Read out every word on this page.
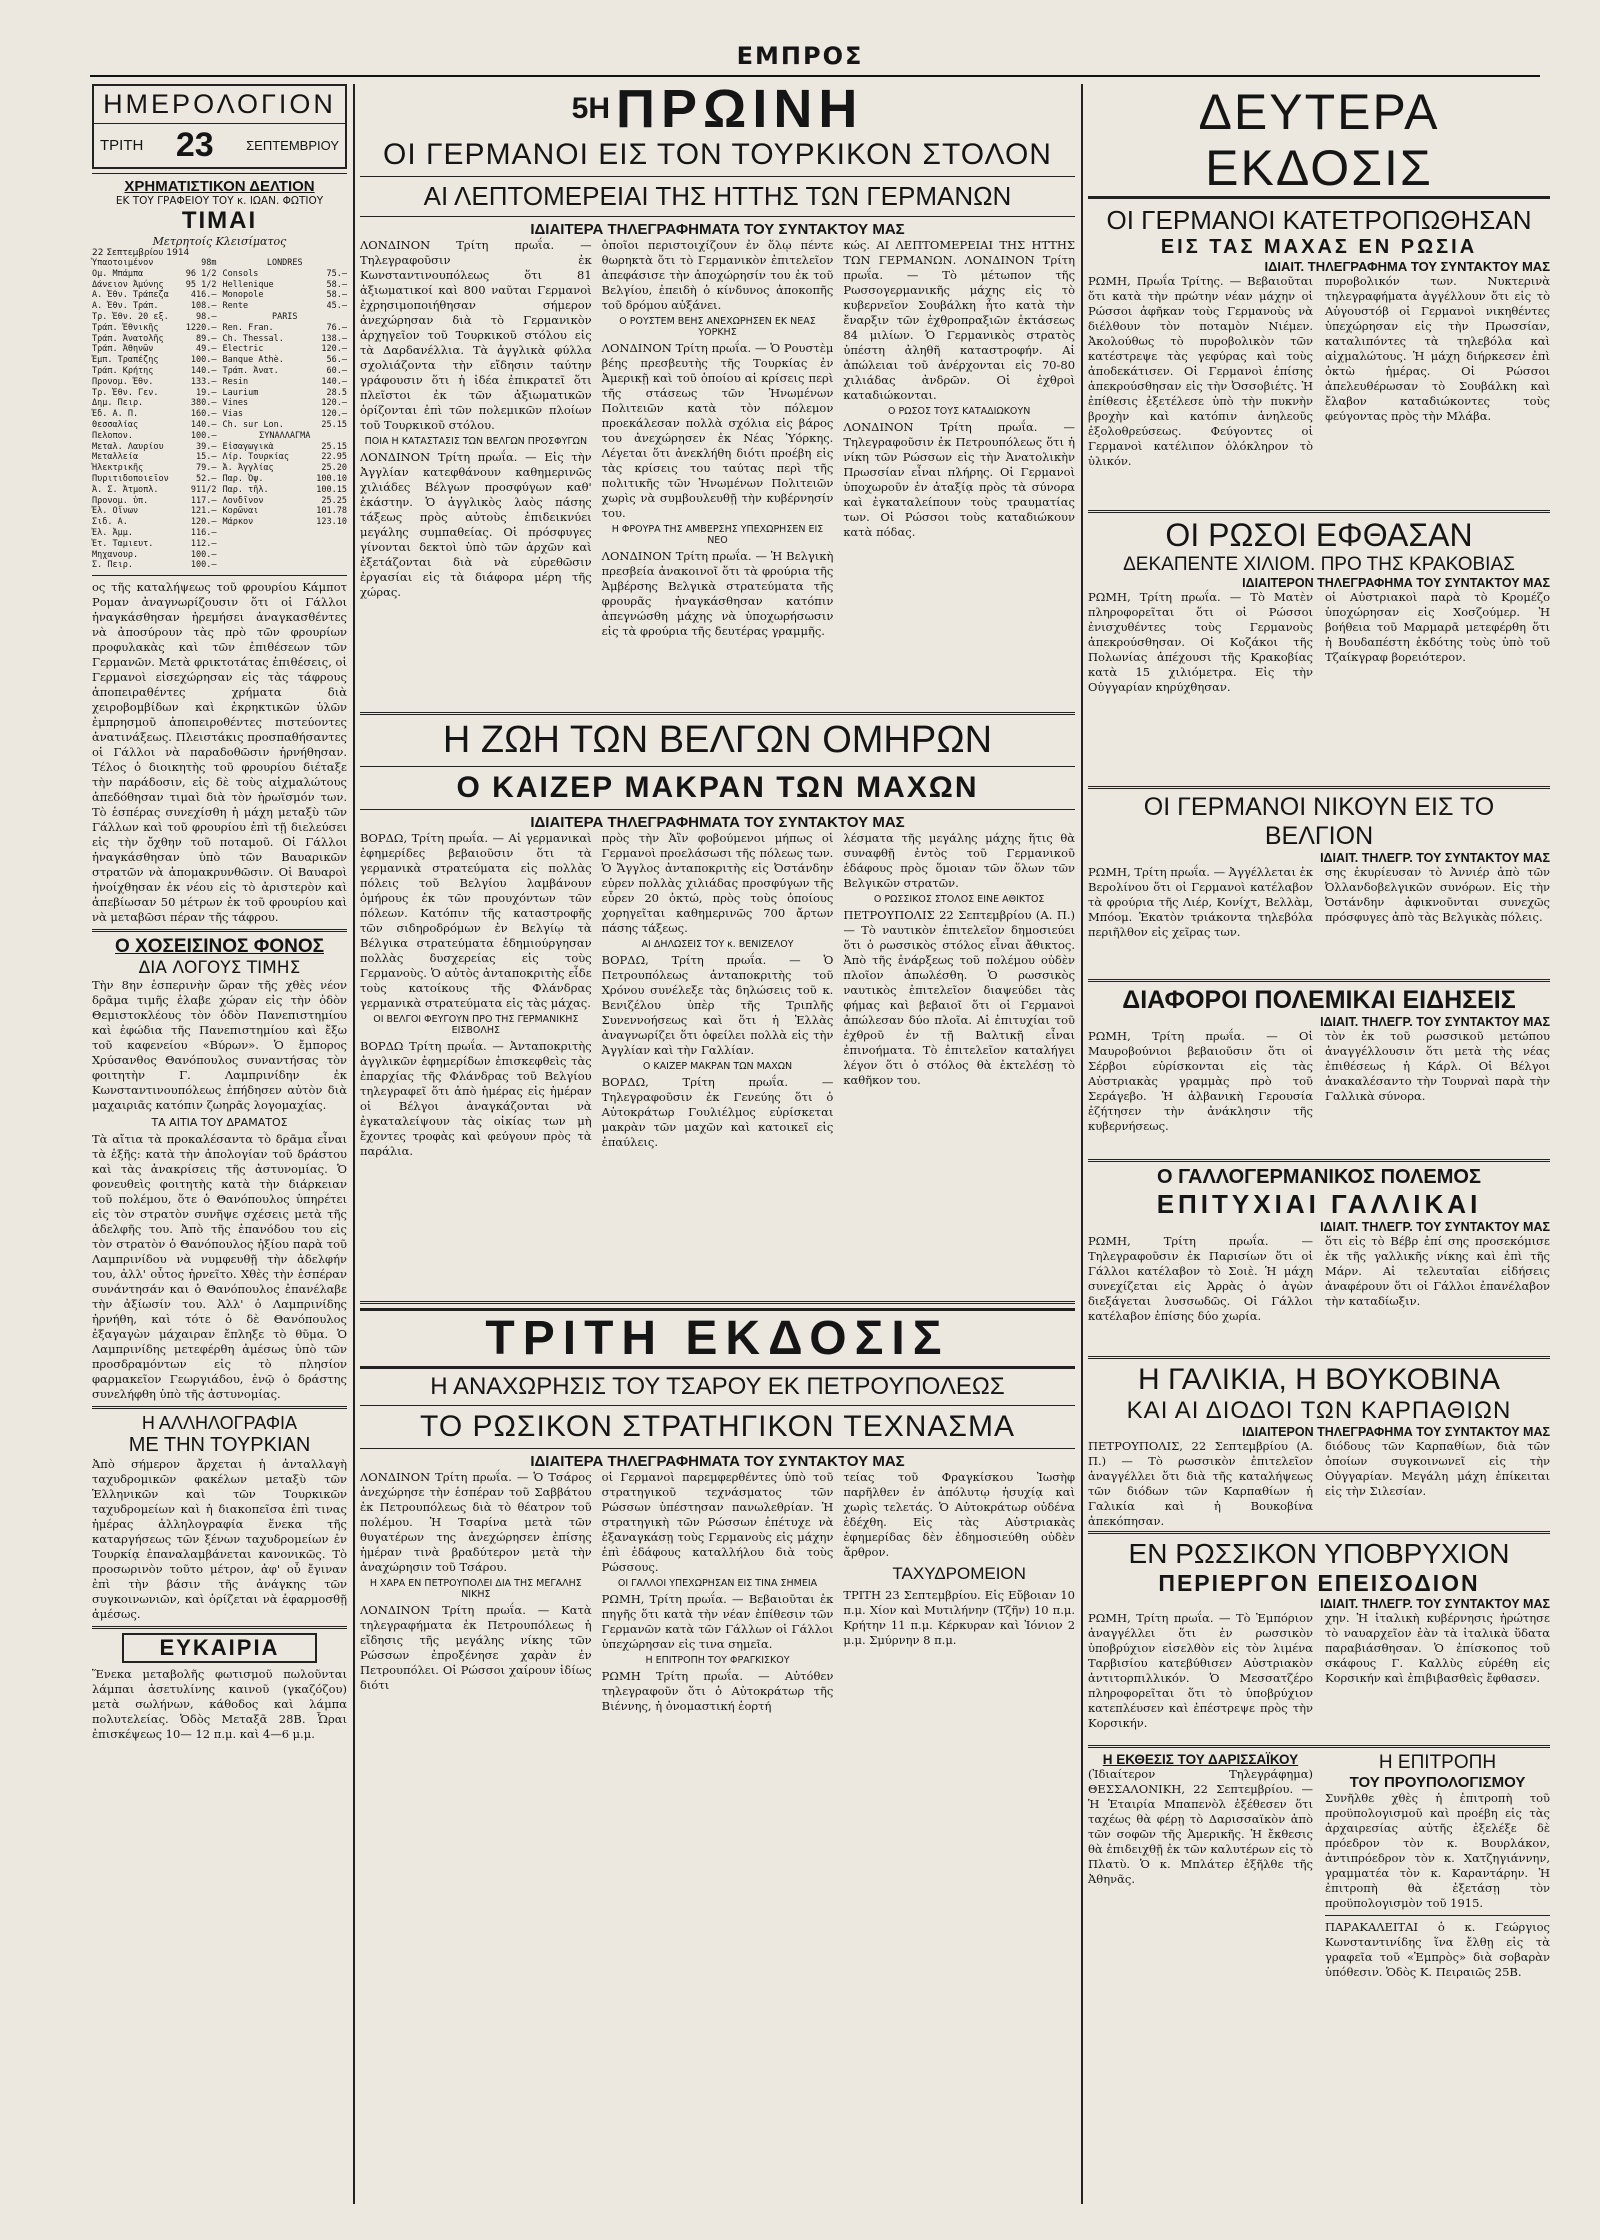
ΕΜΠΡΟΣ
ΗΜΕΡΟΛΟΓΙΟΝ
ΤΡΙΤΗ 23 ΣΕΠΤΕΜΒΡΙΟΥ
ΧΡΗΜΑΤΙΣΤΙΚΟΝ ΔΕΛΤΙΟΝ
ΕΚ ΤΟΥ ΓΡΑΦΕΙΟΥ ΤΟΥ κ. ΙΩΑΝ. ΦΩΤΙΟΥ
ΤΙΜΑΙ
Μετρητοίς Κλεισίματος
22 Σεπτεμβρίου 1914
Ὑπαοτοιμένον	98m
Ομ. Μπάμπα	96 1/2
Δάνειον Ἀμύνης	95 1/2
Α. Ἐθν. Τράπεζα	416.—
Α. Ἐθν. Τράπ.	108.—
Τρ. Ἐθν. 20 εξ.	98.—
Τράπ. Ἐθνικῆς	1220.—
Τράπ. Ἀνατολῆς	89.—
Τράπ. Ἀθηνῶν	49.—
Ἐμπ. Τραπέζης	100.—
Τράπ. Κρήτης	140.—
Προνομ. Ἐθν.	133.—
Τρ. Ἐθν. Γεν.	19.—
Δημ. Πειρ.	380.—
Ἐδ. Α. Π.	160.—
Θεσσαλίας	140.—
Πελοπον.	100.—
Μεταλ. Λαυρίου	39.—
Μεταλλεία	15.—
Ἠλεκτρικῆς	79.—
Πυριτιδοποιεῖον	52.—
Ἀ. Σ. Ἀτμοπλ.	911/2
Προνομ. ὑπ.	117.—
Ἐλ. Οἴνων	121.—
Σιδ. Α.	120.—
Ἐλ. Ἀμμ.	116.—
Ἑτ. Ταμιευτ.	112.—
Μηχανουρ.	100.—
Σ. Πειρ.	100.—
LONDRES
Consols	75.—
Hellenique	58.—
Monopole	58.—
Rente	45.—
PARIS
Ren. Fran.	76.—
Ch. Thessal.	138.—
Electric	120.—
Banque Athè.	56.—
Τράπ. Ἀνατ.	60.—
Resin	140.—
Laurium	28.5
Vines	120.—
Vias	120.—
Ch. sur Lon.	25.15
ΣΥΝΑΛΛΑΓΜΑ
Εἰσαγωγικὰ	25.15
Λίρ. Τουρκίας	22.95
Ἀ. Ἀγγλίας	25.20
Παρ. Ὀψ.	100.10
Παρ. τῆλ.	100.15
Λονδῖνον	25.25
Κορῶναι	101.78
Μάρκον	123.10

ος τῆς καταλήψεως τοῦ φρουρίου Κάμποτ Ρομαν ἀναγνωρίζουσιν ὅτι οἱ Γάλλοι ἠναγκάσθησαν ἠρεμήσει ἀναγκασθέντες νὰ ἀποσύρουν τὰς πρὸ τῶν φρουρίων προφυλακὰς καὶ τῶν ἐπιθέσεων τῶν Γερμανῶν. Μετὰ φρικτοτάτας ἐπιθέσεις, οἱ Γερμανοὶ εἰσεχώρησαν εἰς τὰς τάφρους ἀποπειραθέντες χρήματα διὰ χειροβομβίδων καὶ ἐκρηκτικῶν ὑλῶν ἐμπρησμοῦ ἀποπειροθέντες πιστεύοντες ἀνατινάξεως. Πλειστάκις προσπαθήσαντες οἱ Γάλλοι νὰ παραδοθῶσιν ἠρνήθησαν. Τέλος ὁ διοικητὴς τοῦ φρουρίου διέταξε τὴν παράδοσιν, εἰς δὲ τοὺς αἰχμαλώτους ἀπεδόθησαν τιμαὶ διὰ τὸν ἡρωϊσμόν των. Τὸ ἑσπέρας συνεχίσθη ἡ μάχη μεταξὺ τῶν Γάλλων καὶ τοῦ φρουρίου ἐπὶ τῇ διελεύσει εἰς τὴν ὄχθην τοῦ ποταμοῦ. Οἱ Γάλλοι ἠναγκάσθησαν ὑπὸ τῶν Βαυαρικῶν στρατῶν νὰ ἀπομακρυνθῶσιν. Οἱ Βαυαροὶ ἠνοίχθησαν ἐκ νέου εἰς τὸ ἀριστερὸν καὶ ἀπεβίωσαν 50 μέτρων ἐκ τοῦ φρουρίου καὶ νὰ μεταβῶσι πέραν τῆς τάφρου.

Ο ΧΟΣΕΙΣΙΝΟΣ ΦΟΝΟΣ
ΔΙΑ ΛΟΓΟΥΣ ΤΙΜΗΣ

Τὴν 8ην ἑσπερινὴν ὥραν τῆς χθὲς νέον δρᾶμα τιμῆς ἐλαβε χώραν εἰς τὴν ὁδὸν Θεμιστοκλέους τὸν ὁδὸν Πανεπιστημίου καὶ ἐφώδια τῆς Πανεπιστημίου καὶ ἔξω τοῦ καφενείου «Βύρων». Ὁ ἔμπορος Χρύσανθος Θανόπουλος συναντήσας τὸν φοιτητὴν Γ. Λαμπρινίδην ἐκ Κωνσταντινουπόλεως ἐπήδησεν αὐτὸν διὰ μαχαιριᾶς κατόπιν ζωηρᾶς λογομαχίας.

ΤΑ ΑΙΤΙΑ ΤΟΥ ΔΡΑΜΑΤΟΣ

Τὰ αἴτια τὰ προκαλέσαντα τὸ δρᾶμα εἶναι τὰ ἑξῆς: κατὰ τὴν ἀπολογίαν τοῦ δράστου καὶ τὰς ἀνακρίσεις τῆς ἀστυνομίας. Ὁ φονευθεὶς φοιτητὴς κατὰ τὴν διάρκειαν τοῦ πολέμου, ὅτε ὁ Θανόπουλος ὑπηρέτει εἰς τὸν στρατὸν συνῆψε σχέσεις μετὰ τῆς ἀδελφῆς του. Ἀπὸ τῆς ἐπανόδου του εἰς τὸν στρατὸν ὁ Θανόπουλος ἠξίου παρὰ τοῦ Λαμπρινίδου νὰ νυμφευθῇ τὴν ἀδελφήν του, ἀλλ' οὗτος ἠρνεῖτο. Χθὲς τὴν ἑσπέραν συνάντησάν και ὁ Θανόπουλος ἐπανέλαβε τὴν ἀξίωσίν του. Ἀλλ' ὁ Λαμπρινίδης ἠρνήθη, καὶ τότε ὁ δὲ Θανόπουλος ἐξαγαγὼν μάχαιραν ἔπληξε τὸ θῦμα. Ὁ Λαμπρινίδης μετεφέρθη ἀμέσως ὑπὸ τῶν προσδραμόντων εἰς τὸ πλησίον φαρμακεῖον Γεωργιάδου, ἐνῷ ὁ δράστης συνελήφθη ὑπὸ τῆς ἀστυνομίας.

Η ΑΛΛΗΛΟΓΡΑΦΙΑ
ΜΕ ΤΗΝ ΤΟΥΡΚΙΑΝ

Ἀπὸ σήμερον ἄρχεται ἡ ἀνταλλαγὴ ταχυδρομικῶν φακέλων μεταξὺ τῶν Ἑλληνικῶν καὶ τῶν Τουρκικῶν ταχυδρομείων καὶ ἡ διακοπεῖσα ἐπὶ τινας ἡμέρας ἀλληλογραφία ἕνεκα τῆς καταργήσεως τῶν ξένων ταχυδρομείων ἐν Τουρκίᾳ ἐπαναλαμβάνεται κανονικῶς. Τὸ προσωρινὸν τοῦτο μέτρον, ἀφ' οὗ ἔγιναν ἐπὶ τὴν βάσιν τῆς ἀνάγκης τῶν συγκοινωνιῶν, καὶ ὁρίζεται νὰ ἐφαρμοσθῇ ἀμέσως.

ΕΥΚΑΙΡΙΑ

Ἕνεκα μεταβολῆς φωτισμοῦ πωλοῦνται λάμπαι ἀσετυλίνης καινοῦ (γκαζόζου) μετὰ σωλήνων, κάθοδος καὶ λάμπα πολυτελείας. Ὁδὸς Μεταξᾶ 28Β. Ὧραι ἐπισκέψεως 10— 12 π.μ. καὶ 4—6 μ.μ.

5Η ΠΡΩΙΝΗ
ΟΙ ΓΕΡΜΑΝΟΙ ΕΙΣ ΤΟΝ ΤΟΥΡΚΙΚΟΝ ΣΤΟΛΟΝ
ΑΙ ΛΕΠΤΟΜΕΡΕΙΑΙ ΤΗΣ ΗΤΤΗΣ ΤΩΝ ΓΕΡΜΑΝΩΝ
ΙΔΙΑΙΤΕΡΑ ΤΗΛΕΓΡΑΦΗΜΑΤΑ ΤΟΥ ΣΥΝΤΑΚΤΟΥ ΜΑΣ

ΛΟΝΔΙΝΟΝ Τρίτη πρωΐα. — Τηλεγραφοῦσιν ἐκ Κωνσταντινουπόλεως ὅτι 81 ἀξιωματικοί καὶ 800 ναῦται Γερμανοὶ ἐχρησιμοποιήθησαν σήμερον ἀνεχώρησαν διὰ τὸ Γερμανικὸν ἀρχηγεῖον τοῦ Τουρκικοῦ στόλου εἰς τὰ Δαρδανέλλια. Τὰ ἀγγλικὰ φύλλα σχολιάζοντα τὴν εἴδησιν ταύτην γράφουσιν ὅτι ἡ ἰδέα ἐπικρατεῖ ὅτι πλεῖστοι ἐκ τῶν ἀξιωματικῶν ὁρίζονται ἐπὶ τῶν πολεμικῶν πλοίων τοῦ Τουρκικοῦ στόλου.

ΠΟΙΑ Η ΚΑΤΑΣΤΑΣΙΣ ΤΩΝ ΒΕΛΓΩΝ ΠΡΟΣΦΥΓΩΝ

ΛΟΝΔΙΝΟΝ Τρίτη πρωΐα. — Εἰς τὴν Ἀγγλίαν κατεφθάνουν καθημερινῶς χιλιάδες Βέλγων προσφύγων καθ' ἑκάστην. Ὁ ἀγγλικὸς λαὸς πάσης τάξεως πρὸς αὐτοὺς ἐπιδεικνύει μεγάλης συμπαθείας. Οἱ πρόσφυγες γίνονται δεκτοὶ ὑπὸ τῶν ἀρχῶν καὶ ἐξετάζονται διὰ νὰ εὑρεθῶσιν ἐργασίαι εἰς τὰ διάφορα μέρη τῆς χώρας.

ὁποῖοι περιστοιχίζουν ἐν ὅλῳ πέντε θωρηκτὰ ὅτι τὸ Γερμανικὸν ἐπιτελεῖον ἀπεφάσισε τὴν ἀποχώρησίν του ἐκ τοῦ Βελγίου, ἐπειδὴ ὁ κίνδυνος ἀποκοπῆς τοῦ δρόμου αὐξάνει.

Ο ΡΟΥΣΤΕΜ ΒΕΗΣ ΑΝΕΧΩΡΗΣΕΝ ΕΚ ΝΕΑΣ ΥΟΡΚΗΣ

ΛΟΝΔΙΝΟΝ Τρίτη πρωΐα. — Ὁ Ρουστὲμ βέης πρεσβευτὴς τῆς Τουρκίας ἐν Ἀμερικῇ καὶ τοῦ ὁποίου αἱ κρίσεις περὶ τῆς στάσεως τῶν Ἡνωμένων Πολιτειῶν κατὰ τὸν πόλεμον προεκάλεσαν πολλὰ σχόλια εἰς βάρος του ἀνεχώρησεν ἐκ Νέας Ὑόρκης. Λέγεται ὅτι ἀνεκλήθη διότι προέβη εἰς τὰς κρίσεις του ταύτας περὶ τῆς πολιτικῆς τῶν Ἡνωμένων Πολιτειῶν χωρὶς νὰ συμβουλευθῇ τὴν κυβέρνησίν του.

Η ΦΡΟΥΡΑ ΤΗΣ ΑΜΒΕΡΣΗΣ ΥΠΕΧΩΡΗΣΕΝ ΕΙΣ ΝΕΟ

ΛΟΝΔΙΝΟΝ Τρίτη πρωΐα. — Ἡ Βελγικὴ πρεσβεία ἀνακοινοῖ ὅτι τὰ φρούρια τῆς Ἀμβέρσης Βελγικὰ στρατεύματα τῆς φρουρᾶς ἠναγκάσθησαν κατόπιν ἀπεγνώσθη μάχης νὰ ὑποχωρήσωσιν εἰς τὰ φρούρια τῆς δευτέρας γραμμῆς.

κώς. ΑΙ ΛΕΠΤΟΜΕΡΕΙΑΙ ΤΗΣ ΗΤΤΗΣ ΤΩΝ ΓΕΡΜΑΝΩΝ. ΛΟΝΔΙΝΟΝ Τρίτη πρωΐα. — Τὸ μέτωπον τῆς Ρωσσογερμανικῆς μάχης εἰς τὸ κυβερνεῖον Σουβάλκη ἦτο κατὰ τὴν ἔναρξιν τῶν ἐχθροπραξιῶν ἐκτάσεως 84 μιλίων. Ὁ Γερμανικὸς στρατὸς ὑπέστη ἀληθῆ καταστροφήν. Αἱ ἀπώλειαι τοῦ ἀνέρχονται εἰς 70-80 χιλιάδας ἀνδρῶν. Οἱ ἐχθροὶ καταδιώκονται.

Ο ΡΩΣΟΣ ΤΟΥΣ ΚΑΤΑΔΙΩΚΟΥΝ

ΛΟΝΔΙΝΟΝ Τρίτη πρωΐα. — Τηλεγραφοῦσιν ἐκ Πετρουπόλεως ὅτι ἡ νίκη τῶν Ρώσσων εἰς τὴν Ἀνατολικὴν Πρωσσίαν εἶναι πλήρης. Οἱ Γερμανοὶ ὑποχωροῦν ἐν ἀταξίᾳ πρὸς τὰ σύνορα καὶ ἐγκαταλείπουν τοὺς τραυματίας των. Οἱ Ρώσσοι τοὺς καταδιώκουν κατὰ πόδας.

Η ΖΩΗ ΤΩΝ ΒΕΛΓΩΝ ΟΜΗΡΩΝ
Ο ΚΑΙΖΕΡ ΜΑΚΡΑΝ ΤΩΝ ΜΑΧΩΝ
ΙΔΙΑΙΤΕΡΑ ΤΗΛΕΓΡΑΦΗΜΑΤΑ ΤΟΥ ΣΥΝΤΑΚΤΟΥ ΜΑΣ

ΒΟΡΔΩ, Τρίτη πρωΐα. — Αἱ γερμανικαὶ ἐφημερίδες βεβαιοῦσιν ὅτι τὰ γερμανικὰ στρατεύματα εἰς πολλὰς πόλεις τοῦ Βελγίου λαμβάνουν ὁμήρους ἐκ τῶν προυχόντων τῶν πόλεων. Κατόπιν τῆς καταστροφῆς τῶν σιδηροδρόμων ἐν Βελγίῳ τὰ Βέλγικα στρατεύματα ἐδημιούργησαν πολλὰς δυσχερείας εἰς τοὺς Γερμανοὺς. Ὁ αὐτὸς ἀνταποκριτὴς εἶδε τοὺς κατοίκους τῆς Φλάνδρας γερμανικὰ στρατεύματα εἰς τὰς μάχας.

ΟΙ ΒΕΛΓΟΙ ΦΕΥΓΟΥΝ ΠΡΟ ΤΗΣ ΓΕΡΜΑΝΙΚΗΣ ΕΙΣΒΟΛΗΣ

ΒΟΡΔΩ Τρίτη πρωΐα. — Ἀνταποκριτὴς ἀγγλικῶν ἐφημερίδων ἐπισκεφθεὶς τὰς ἐπαρχίας τῆς Φλάνδρας τοῦ Βελγίου τηλεγραφεῖ ὅτι ἀπὸ ἡμέρας εἰς ἡμέραν οἱ Βέλγοι ἀναγκάζονται νὰ ἐγκαταλείψουν τὰς οἰκίας των μὴ ἔχοντες τροφὰς καὶ φεύγουν πρὸς τὰ παράλια.

πρὸς τὴν Ἀἲν φοβούμενοι μήπως οἱ Γερμανοὶ προελάσωσι τῆς πόλεως των. Ὁ Ἄγγλος ἀνταποκριτὴς εἰς Ὀστάνδην εὑρεν πολλὰς χιλιάδας προσφύγων τῆς εὗρεν 20 ὀκτώ, πρὸς τοὺς ὁποίους χορηγεῖται καθημερινῶς 700 ἄρτων πάσης τάξεως.

ΑΙ ΔΗΛΩΣΕΙΣ ΤΟΥ κ. ΒΕΝΙΖΕΛΟΥ

ΒΟΡΔΩ, Τρίτη πρωΐα. — Ὁ Πετρουπόλεως ἀνταποκριτὴς τοῦ Χρόνου συνέλεξε τὰς δηλώσεις τοῦ κ. Βενιζέλου ὑπὲρ τῆς Τριπλῆς Συνεννοήσεως καὶ ὅτι ἡ Ἑλλὰς ἀναγνωρίζει ὅτι ὀφείλει πολλὰ εἰς τὴν Ἀγγλίαν καὶ τὴν Γαλλίαν.

Ο ΚΑΙΖΕΡ ΜΑΚΡΑΝ ΤΩΝ ΜΑΧΩΝ

ΒΟΡΔΩ, Τρίτη πρωΐα. — Τηλεγραφοῦσιν ἐκ Γενεύης ὅτι ὁ Αὐτοκράτωρ Γουλιέλμος εὑρίσκεται μακρὰν τῶν μαχῶν καὶ κατοικεῖ εἰς ἐπαύλεις.

λέσματα τῆς μεγάλης μάχης ἥτις θὰ συναφθῇ ἐντὸς τοῦ Γερμανικοῦ ἐδάφους πρὸς ὅμοιαν τῶν ὅλων τῶν Βελγικῶν στρατῶν.

Ο ΡΩΣΣΙΚΟΣ ΣΤΟΛΟΣ ΕΙΝΕ ΑΘΙΚΤΟΣ

ΠΕΤΡΟΥΠΟΛΙΣ 22 Σεπτεμβρίου (Α. Π.) — Τὸ ναυτικὸν ἐπιτελεῖον δημοσιεύει ὅτι ὁ ρωσσικὸς στόλος εἶναι ἄθικτος. Ἀπὸ τῆς ἐνάρξεως τοῦ πολέμου οὐδὲν πλοῖον ἀπωλέσθη. Ὁ ρωσσικὸς ναυτικὸς ἐπιτελεῖον διαψεύδει τὰς φήμας καὶ βεβαιοῖ ὅτι οἱ Γερμανοὶ ἀπώλεσαν δύο πλοῖα. Αἱ ἐπιτυχίαι τοῦ ἐχθροῦ ἐν τῇ Βαλτικῇ εἶναι ἐπινοήματα. Τὸ ἐπιτελεῖον καταλήγει λέγον ὅτι ὁ στόλος θὰ ἐκτελέσῃ τὸ καθῆκον του.

ΤΡΙΤΗ ΕΚΔΟΣΙΣ
Η ΑΝΑΧΩΡΗΣΙΣ ΤΟΥ ΤΣΑΡΟΥ ΕΚ ΠΕΤΡΟΥΠΟΛΕΩΣ
ΤΟ ΡΩΣΙΚΟΝ ΣΤΡΑΤΗΓΙΚΟΝ ΤΕΧΝΑΣΜΑ
ΙΔΙΑΙΤΕΡΑ ΤΗΛΕΓΡΑΦΗΜΑΤΑ ΤΟΥ ΣΥΝΤΑΚΤΟΥ ΜΑΣ

ΛΟΝΔΙΝΟΝ Τρίτη πρωΐα. — Ὁ Τσάρος ἀνεχώρησε τὴν ἑσπέραν τοῦ Σαββάτου ἐκ Πετρουπόλεως διὰ τὸ θέατρον τοῦ πολέμου. Ἡ Τσαρίνα μετὰ τῶν θυγατέρων της ἀνεχώρησεν ἐπίσης ἡμέραν τινὰ βραδύτερον μετὰ τὴν ἀναχώρησιν τοῦ Τσάρου.

Η ΧΑΡΑ ΕΝ ΠΕΤΡΟΥΠΟΛΕΙ ΔΙΑ ΤΗΣ ΜΕΓΑΛΗΣ ΝΙΚΗΣ

ΛΟΝΔΙΝΟΝ Τρίτη πρωΐα. — Κατὰ τηλεγραφήματα ἐκ Πετρουπόλεως ἡ εἴδησις τῆς μεγάλης νίκης τῶν Ρώσσων ἐπροξένησε χαρὰν ἐν Πετρουπόλει. Οἱ Ρώσσοι χαίρουν ἰδίως διότι

οἱ Γερμανοὶ παρεμφερθέντες ὑπὸ τοῦ στρατηγικοῦ τεχνάσματος τῶν Ρώσσων ὑπέστησαν πανωλεθρίαν. Ἡ στρατηγικὴ τῶν Ρώσσων ἐπέτυχε νὰ ἐξαναγκάσῃ τοὺς Γερμανοὺς εἰς μάχην ἐπὶ ἐδάφους καταλλήλου διὰ τοὺς Ρώσσους.

ΟΙ ΓΑΛΛΟΙ ΥΠΕΧΩΡΗΣΑΝ ΕΙΣ ΤΙΝΑ ΣΗΜΕΙΑ

ΡΩΜΗ, Τρίτη πρωΐα. — Βεβαιοῦται ἐκ πηγῆς ὅτι κατὰ τὴν νέαν ἐπίθεσιν τῶν Γερμανῶν κατὰ τῶν Γάλλων οἱ Γάλλοι ὑπεχώρησαν εἰς τινα σημεῖα.

Η ΕΠΙΤΡΟΠΗ ΤΟΥ ΦΡΑΓΚΙΣΚΟΥ

ΡΩΜΗ Τρίτη πρωΐα. — Αὐτόθεν τηλεγραφοῦν ὅτι ὁ Αὐτοκράτωρ τῆς Βιέννης, ἡ ὀνομαστική ἑορτή

τείας τοῦ Φραγκίσκου Ἰωσὴφ παρῆλθεν ἐν ἀπόλυτῳ ἡσυχίᾳ καὶ χωρὶς τελετάς. Ὁ Αὐτοκράτωρ οὐδένα ἐδέχθη. Εἰς τὰς Αὐστριακὰς ἐφημερίδας δὲν ἐδημοσιεύθη οὐδὲν ἄρθρον.

ΤΑΧΥΔΡΟΜΕΙΟΝ

ΤΡΙΤΗ 23 Σεπτεμβρίου. Εἰς Εὔβοιαν 10 π.μ. Χίον καὶ Μυτιλήνην (Τζῆν) 10 π.μ. Κρήτην 11 π.μ. Κέρκυραν καὶ Ἰόνιον 2 μ.μ. Σμύρνην 8 π.μ.

ΔΕΥΤΕΡΑ ΕΚΔΟΣΙΣ
ΟΙ ΓΕΡΜΑΝΟΙ ΚΑΤΕΤΡΟΠΩΘΗΣΑΝ
ΕΙΣ ΤΑΣ ΜΑΧΑΣ ΕΝ ΡΩΣΙΑ
ΙΔΙΑΙΤ. ΤΗΛΕΓΡΑΦΗΜΑ ΤΟΥ ΣΥΝΤΑΚΤΟΥ ΜΑΣ

ΡΩΜΗ, Πρωΐα Τρίτης. — Βεβαιοῦται ὅτι κατὰ τὴν πρώτην νέαν μάχην οἱ Ρώσσοι ἀφῆκαν τοὺς Γερμανοὺς νὰ διέλθουν τὸν ποταμὸν Νιέμεν. Ἀκολούθως τὸ πυροβολικὸν τῶν κατέστρεψε τὰς γεφύρας καὶ τοὺς ἀποδεκάτισεν. Οἱ Γερμανοὶ ἐπίσης ἀπεκρούσθησαν εἰς τὴν Ὀσσοβιέτς. Ἡ ἐπίθεσις ἐξετέλεσε ὑπὸ τὴν πυκνὴν βροχὴν καὶ κατόπιν ἀνηλεοῦς ἐξολοθρεύσεως. Φεύγοντες οἱ Γερμανοὶ κατέλιπον ὁλόκληρον τὸ ὑλικόν.

πυροβολικόν των. Νυκτερινὰ τηλεγραφήματα ἀγγέλλουν ὅτι εἰς τὸ Αὐγουστόβ οἱ Γερμανοὶ νικηθέντες ὑπεχώρησαν εἰς τὴν Πρωσσίαν, καταλιπόντες τὰ τηλεβόλα καὶ αἰχμαλώτους. Ἡ μάχη διήρκεσεν ἐπὶ ὀκτὼ ἡμέρας. Οἱ Ρώσσοι ἀπελευθέρωσαν τὸ Σουβάλκη καὶ ἔλαβον καταδιώκοντες τοὺς φεύγοντας πρὸς τὴν Μλάβα.

ΟΙ ΡΩΣΟΙ ΕΦΘΑΣΑΝ
ΔΕΚΑΠΕΝΤΕ ΧΙΛΙΟΜ. ΠΡΟ ΤΗΣ ΚΡΑΚΟΒΙΑΣ
ΙΔΙΑΙΤΕΡΟΝ ΤΗΛΕΓΡΑΦΗΜΑ ΤΟΥ ΣΥΝΤΑΚΤΟΥ ΜΑΣ

ΡΩΜΗ, Τρίτη πρωΐα. — Τὸ Ματὲν πληροφορεῖται ὅτι οἱ Ρώσσοι ἐνισχυθέντες τοὺς Γερμανοὺς ἀπεκρούσθησαν. Οἱ Κοζάκοι τῆς Πολωνίας ἀπέχουσι τῆς Κρακοβίας κατὰ 15 χιλιόμετρα. Εἰς τὴν Οὐγγαρίαν κηρύχθησαν.

οἱ Αὐστριακοὶ παρὰ τὸ Κρομέζο ὑποχώρησαν εἰς Χοσζούμερ. Ἡ βοήθεια τοῦ Μαρμαρᾶ μετεφέρθη ὅτι ἡ Βουδαπέστη ἐκδότης τοὺς ὑπὸ τοῦ Τζαίκγραφ βορειότερον.

ΟΙ ΓΕΡΜΑΝΟΙ ΝΙΚΟΥΝ ΕΙΣ ΤΟ ΒΕΛΓΙΟΝ
ΙΔΙΑΙΤ. ΤΗΛΕΓΡ. ΤΟΥ ΣΥΝΤΑΚΤΟΥ ΜΑΣ

ΡΩΜΗ, Τρίτη πρωΐα. — Ἀγγέλλεται ἐκ Βερολίνου ὅτι οἱ Γερμανοὶ κατέλαβον τὰ φρούρια τῆς Λιέρ, Κονίχτ, Βελλὰμ, Μπόομ. Ἑκατὸν τριάκοντα τηλεβόλα περιῆλθον εἰς χεῖρας των.

σης ἐκυρίευσαν τὸ Ἀννιέρ ἀπὸ τῶν Ὀλλανδοβελγικῶν συνόρων. Εἰς τὴν Ὀστάνδην ἀφικνοῦνται συνεχῶς πρόσφυγες ἀπὸ τὰς Βελγικὰς πόλεις.

ΔΙΑΦΟΡΟΙ ΠΟΛΕΜΙΚΑΙ ΕΙΔΗΣΕΙΣ
ΙΔΙΑΙΤ. ΤΗΛΕΓΡ. ΤΟΥ ΣΥΝΤΑΚΤΟΥ ΜΑΣ

ΡΩΜΗ, Τρίτη πρωΐα. — Οἱ Μαυροβούνιοι βεβαιοῦσιν ὅτι οἱ Σέρβοι εὑρίσκονται εἰς τὰς Αὐστριακὰς γραμμὰς πρὸ τοῦ Σεράγεβο. Ἡ ἀλβανικὴ Γερουσία ἐζήτησεν τὴν ἀνάκλησιν τῆς κυβερνήσεως.

τὸν ἐκ τοῦ ρωσσικοῦ μετώπου ἀναγγέλλουσιν ὅτι μετὰ τὴς νέας ἐπιθέσεως ἡ Κάρλ. Οἱ Βέλγοι ἀνακαλέσαντο τὴν Τουρναὶ παρὰ τὴν Γαλλικὰ σύνορα.

Ο ΓΑΛΛΟΓΕΡΜΑΝΙΚΟΣ ΠΟΛΕΜΟΣ
ΕΠΙΤΥΧΙΑΙ ΓΑΛΛΙΚΑΙ
ΙΔΙΑΙΤ. ΤΗΛΕΓΡ. ΤΟΥ ΣΥΝΤΑΚΤΟΥ ΜΑΣ

ΡΩΜΗ, Τρίτη πρωΐα. — Τηλεγραφοῦσιν ἐκ Παρισίων ὅτι οἱ Γάλλοι κατέλαβον τὸ Σοιὲ. Ἡ μάχη συνεχίζεται εἰς Ἀρρὰς ὁ ἀγὼν διεξάγεται λυσσωδῶς. Οἱ Γάλλοι κατέλαβον ἐπίσης δύο χωρία.

ὅτι εἰς τὸ Βέβρ ἐπί σης προσεκόμισε ἐκ τῆς γαλλικῆς νίκης καὶ ἐπὶ τῆς Μάρν. Αἱ τελευταῖαι εἰδήσεις ἀναφέρουν ὅτι οἱ Γάλλοι ἐπανέλαβον τὴν καταδίωξιν.

Η ΓΑΛΙΚΙΑ, Η ΒΟΥΚΟΒΙΝΑ
ΚΑΙ ΑΙ ΔΙΟΔΟΙ ΤΩΝ ΚΑΡΠΑΘΙΩΝ
ΙΔΙΑΙΤΕΡΟΝ ΤΗΛΕΓΡΑΦΗΜΑ ΤΟΥ ΣΥΝΤΑΚΤΟΥ ΜΑΣ

ΠΕΤΡΟΥΠΟΛΙΣ, 22 Σεπτεμβρίου (Α. Π.) — Τὸ ρωσσικὸν ἐπιτελεῖον ἀναγγέλλει ὅτι διὰ τῆς καταλήψεως τῶν διόδων τῶν Καρπαθίων ἡ Γαλικία καὶ ἡ Βουκοβίνα ἀπεκόπησαν.

διόδους τῶν Καρπαθίων, διὰ τῶν ὁποίων συγκοινωνεῖ εἰς τὴν Οὐγγαρίαν. Μεγάλη μάχη ἐπίκειται εἰς τὴν Σιλεσίαν.

ΕΝ ΡΩΣΣΙΚΟΝ ΥΠΟΒΡΥΧΙΟΝ
ΠΕΡΙΕΡΓΟΝ ΕΠΕΙΣΟΔΙΟΝ
ΙΔΙΑΙΤ. ΤΗΛΕΓΡ. ΤΟΥ ΣΥΝΤΑΚΤΟΥ ΜΑΣ

ΡΩΜΗ, Τρίτη πρωΐα. — Τὸ Ἐμπόριον ἀναγγέλλει ὅτι ἐν ρωσσικὸν ὑποβρύχιον εἰσελθὸν εἰς τὸν λιμένα Ταρβισίου κατεβύθισεν Αὐστριακὸν ἀντιτορπιλλικόν. Ὁ Μεσσατζέρο πληροφορεῖται ὅτι τὸ ὑποβρύχιον κατεπλέυσεν καὶ ἐπέστρεψε πρὸς τὴν Κορσικήν.

χην. Ἡ ἰταλικὴ κυβέρνησις ἠρώτησε τὸ ναυαρχεῖον ἐὰν τὰ ἰταλικὰ ὕδατα παραβιάσθησαν. Ὁ ἐπίσκοπος τοῦ σκάφους Γ. Καλλὺς εὑρέθη εἰς Κορσικήν καὶ ἐπιβιβασθεὶς ἔφθασεν.

Η ΕΚΘΕΣΙΣ ΤΟΥ ΔΑΡΙΣΣΑΪΚΟΥ

(Ἰδιαίτερον Τηλεγράφημα) ΘΕΣΣΑΛΟΝΙΚΗ, 22 Σεπτεμβρίου. — Ἡ Ἑταιρία Μπαπενὸλ ἐξέθεσεν ὅτι ταχέως θὰ φέρῃ τὸ Δαρισσαϊκὸν ἀπὸ τῶν σοφῶν τῆς Ἀμερικῆς. Ἡ ἔκθεσις θὰ ἐπιδειχθῇ ἐκ τῶν καλυτέρων εἰς τὸ Πλατὺ. Ὁ κ. Μπλάτερ ἐξῆλθε τῆς Ἀθηνᾶς.

Η ΕΠΙΤΡΟΠΗ
ΤΟΥ ΠΡΟΥΠΟΛΟΓΙΣΜΟΥ

Συνῆλθε χθὲς ἡ ἐπιτροπὴ τοῦ προϋπολογισμοῦ καὶ προέβη εἰς τὰς ἀρχαιρεσίας αὐτῆς ἐξελέξε δὲ πρόεδρον τὸν κ. Βουρλάκον, ἀντιπρόεδρον τὸν κ. Χατζηγιάννην, γραμματέα τὸν κ. Καραντάρην. Ἡ ἐπιτροπὴ θὰ ἐξετάσῃ τὸν προϋπολογισμὸν τοῦ 1915.

ΠΑΡΑΚΑΛΕΙΤΑΙ ὁ κ. Γεώργιος Κωνσταντινίδης ἵνα ἔλθῃ εἰς τὰ γραφεῖα τοῦ «Ἐμπρὸς» διὰ σοβαρὰν ὑπόθεσιν. Ὁδὸς Κ. Πειραιῶς 25Β.
